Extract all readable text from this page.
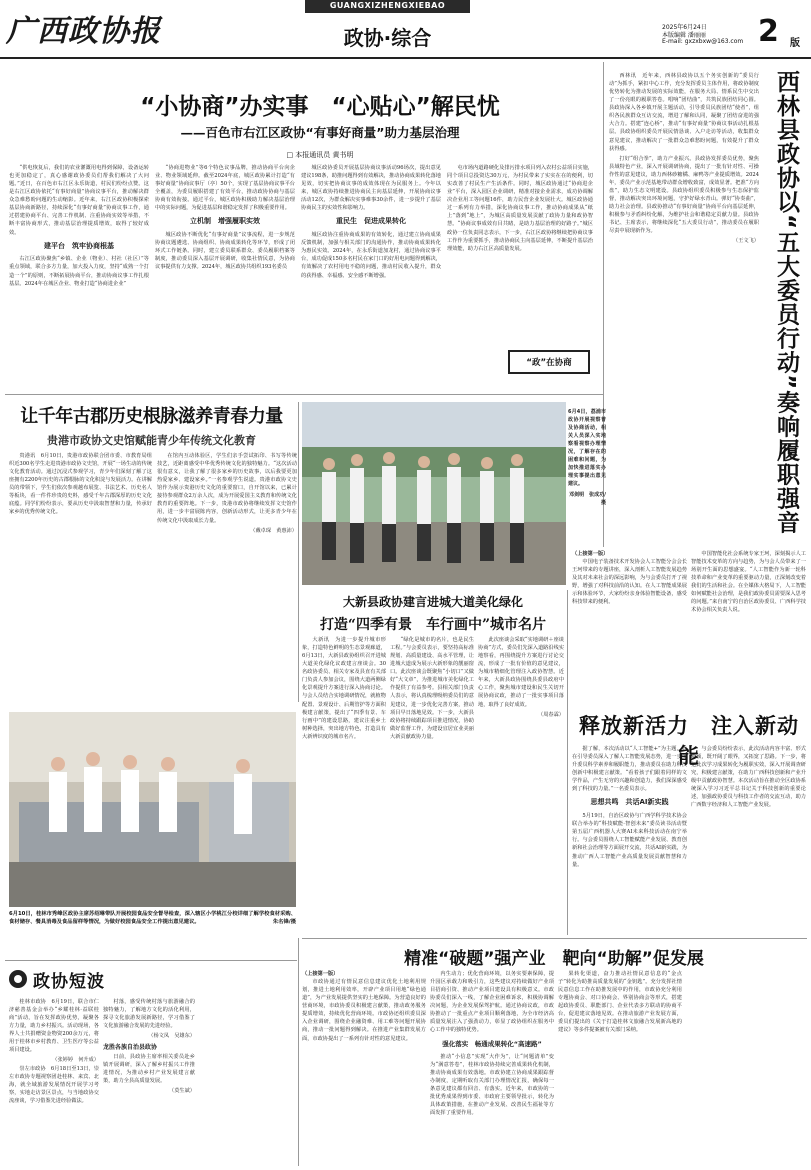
广西政协报
GUANGXIZHENGXIEBAO
政协·综合	2025年6月24日
本版编辑 潘丽丽
E-mail: gxzxbxw@163.com 2 版
“小协商”办实事　“心贴心”解民忧
——百色市右江区政协“有事好商量”助力基层治理
□ 本报通讯员 黄书明

“供电恢复后，我们的农业灌溉用电得到保障，设备运转也更加稳定了，真心感谢政协委员们帮我们解决了大问题。”近日，在百色市右江区永乐街道，村民们纷纷点赞。这是右江区政协依托“有事好商量”协商议事平台，推动解决群众急难愁盼问题的生动缩影。近年来，右江区政协积极探索基层协商新路径，持续深化“有事好商量”协商议事工作，通过搭建协商平台、完善工作机制、注重协商实效等举措，不断丰富协商形式，推动基层治理提质增效，取得了较好成效。

建平台　筑牢协商根基

右江区政协聚焦“乡镇、企业（物业）、村社（社区）”等重点领域，联合多方力量，加大投入力度，坚持“成熟一个打造一个”的原则，不断拓展协商平台，推动协商议事工作扎根基层。2024年在城区企业、物业打造“协商进企业”

“协商进物业”等6个特色议事品牌，推动协商平台向企业、物业领域延伸。截至2024年底，城区政协累计打造“有事好商量”协商议事厅（亭）50个，实现了基层协商议事平台全覆盖，为委员履职搭建了有效平台，推动政协协商与基层协商有效衔接。通过平台，城区政协积极助力解决基层治理中的实际问题，为促进基层和谐稳定发挥了积极重要作用。

立机制　增强履职实效

城区政协不断优化“有事好商量”议事流程，进一步规范协商议题遴选、协商组织、协商成果转化等环节，形成了闭环式工作链条。同时，建立委员联系群众、委员履职档案等制度，推动委员深入基层开展调研，收集社情民意，为协商议事提供有力支撑。2024年，城区政协共组织193名委员

城区政协委员开展基层协商议事活动96场次，提出意见建议198条，助推问题得到有效解决，推动协商成果转化落地见效，切实把协商议事的成效体现在为民服务上。今年以来，城区政协持续推进协商民主向基层延伸，开展协商议事活动12次，为群众解决实事难事30余件，进一步提升了基层协商民主的实效性和影响力。

重民生　促进成果转化

城区政协注重协商成果的有效转化，通过建立协商成果反馈机制，加强与相关部门的沟通协作，推动协商成果转化为惠民实效。2024年，在永乐街道加龙村，通过协商议事平台，成功促成150多名村民在家门口的好用电问题得到解决，有效解决了农村用电不稳的问题，推动村民收入提升，群众的获得感、幸福感、安全感不断增强。

屯市场内道路硬化及排污排水项目列入农村公益项目实施，同个项目总投资达30万元，为村民带来了实实在在的便利，切实改善了村民生产生活条件。同时，城区政协通过“协商进企业”平台，深入园区企业调研，精准对接企业需求，成功协调解决企业用工等问题16件，助力民营企业发展壮大。城区政协通过一系列有力举措，深化协商议事工作，推动协商成果从“纸上”落到“地上”，为城区高质量发展贡献了政协力量和政协智慧。“协商议事成效有目共睹，是助力基层治理的好路子。”城区政协一位负责同志表示，下一步，右江区政协将继续把协商议事工作作为重要抓手，推动协商民主向基层延伸，不断提升基层治理效能，助力右江区高质量发展。

“政”在协商

西林讯　近年来，西林县政协以五个务实创新的“委员行动”为抓手，紧扣中心工作，充分发挥委员主体作用，将政协制度优势转化为推动发展的实际效能，在服务大局、情系民生中交出了一份亮眼的履职答卷。唱响“团结曲”，共筑民族团结同心圆。县政协深入各乡镇开展主题活动，引导委员民族团结“使者”，组织各民族群众互访交流，增进了解和认同，凝聚了团结奋进的强大合力。搭建“连心桥”，推动“有事好商量”协商议事活动扎根基层。县政协组织委员开展民情恳谈、入户走访等活动，收集群众意见建议，推动解决了一批群众急难愁盼问题，有效提升了群众获得感。

打好“组合拳”，助力产业振兴。县政协发挥委员优势，聚焦县域特色产业，深入开展调研协商，提出了一批有针对性、可操作性的意见建议，助力西林砂糖橘、麻鸭等产业提质增效。2024年，委员产业示范基地带动群众增收致富，成效显著。把准“方向盘”，助力生态文明建设。县政协组织委员积极参与生态保护监督，推动解决突出环境问题，守护好绿水青山。弹好“协奏曲”，助力社会治理。县政协推动“有事好商量”协商平台向基层延伸，积极参与矛盾纠纷化解，为维护社会和谐稳定贡献力量。县政协书记、主席表示，将继续深化“五大委员行动”，推动委员在履职尽责中展现新作为。

（王文飞） 西林县政协以“五大委员行动”奏响履职强音
让千年古郡历史根脉滋养青春力量
贵港市政协文史馆赋能青少年传统文化教育

贵港讯　6月10日，贵港市政协联合团市委、市教育局组织近300名学生走进贵港市政协文史馆，开展“一场生动的传统文化教育活动。通过沉浸式参观学习，青少年们深刻了解了这座拥有2200年历史的古郡根脉的文化积淀与发展活力。在讲解员的带领下，学生们依次参观越布展览、书法艺术、历史名人等板块，看一件件珍贵的史料，感受千年古郡深厚的历史文化底蕴。同学们纷纷表示，要从历史中汲取智慧和力量，传承好家乡的优秀传统文化。

在馆内互动体验区，学生们亲手尝试拓印、书写等传统技艺，近距离感受中华优秀传统文化的独特魅力。“这次活动很有意义，让我了解了很多家乡的历史故事，以后我要更加热爱家乡、建设家乡。”一名参观学生说道。贵港市政协文史馆作为展示贵港历史文化的重要窗口，自开馆以来，已累计接待参观群众2万余人次，成为开展爱国主义教育和传统文化教育的重要阵地。下一步，贵港市政协将继续发挥文史馆作用，进一步丰富展陈内容，创新活动形式，让更多青少年在传统文化中汲取成长力量。

（戴卓琛　黄惠沛）
6月4日，荔浦市政协开展视察普及协商活动，相关人员深入实地察看视察办理情况，了解存在的困难和问题，为加快推进落实办理实事提出意见建议。
邓剑明　张成功/摄
6月10日，桂林市秀峰区政协主席苏绍琳带队开展校园食品安全督导检查，深入辖区小学桃江分校详细了解学校食材采购、食材储存、餐具消毒及食品留样等情况，为做好校园食品安全工作提出意见建议。	朱名锋/摄
大新县政协建言进城大道美化绿化
打造“四季有景　车行画中”城市名片

大新讯　为进一步提升城市形象，打造特色鲜明的生态景观廊道，6月13日，大新县政协组织召开进城大道美化绿化议政建言座谈会。30名政协委员、相关专家及县直有关部门负责人参加会议，围绕大道两侧绿化景观提升方案进行深入协商讨论。与会人员结合实地调研情况，就植物配置、景观设计、后期管护等方面积极建言献策，提出了“四季有景、车行画中”的建设思路，建议注重乡土树种选择，突出地方特色，打造具有大新辨识度的城市名片。

“绿化是城市的名片，也是民生工程。”与会委员表示，要坚持高标准规划、高质量建设、高水平管理，让进城大道成为展示大新形象的靓丽窗口。此次座谈会既聚焦“小切口”又做好“大文章”，为推进城市美化绿化工作提供了有益参考。县相关部门负责人表示，将认真梳理吸纳委员们的意见建议，进一步优化完善方案，推动项目早日落地见效。下一步，大新县政协将持续跟踪项目推进情况，协助做好监督工作，为建设宜居宜业美丽大新贡献政协力量。

此次座谈会采取“实地调研＋座谈协商”方式，委员们先深入道路沿线实地察看，再围绕提升方案进行讨论交流，形成了一批有价值的意见建议，为城市精细化管理注入政协智慧。近年来，大新县政协围绕县委县政府中心工作，聚焦城市建设和民生关切开展协商议政，推动了一批实事项目落地，取得了良好成效。

（周春霖）
（上接第一版）

中国电子装备技术开发协会人工智能分会会长王珂带来的专题讲座，深入剖析人工智能发展趋势及其对未来社会的深远影响，为与会委员打开了视野，增强了对科技前沿的认知。在人工智能成果展示和体验环节，大家纷纷亲身体验智能设备，感受科技带来的便利。

中国智能化社会系统专家王珂，深刻揭示人工智能技术变革的方向与趋势，为与会人员带来了一场别开生面的思想盛宴。“人工智能作为新一轮科技革命和产业变革的重要驱动力量，正深刻改变着我们的生活和社会。在全媒体大格局下，人工智能如何赋能社会治理，是我们政协委员需要深入思考的问题。”来自南宁的自治区政协委员、广西科学技术协会相关负责人说。

释放新活力　注入新动能

据了解，本次活动以“人工智能+”为主题，旨在引导委员深入了解人工智能发展态势，进一步提升委员科学素养和履职能力，推动委员在助力科技创新中积极建言献策。“看着孩子们跟着同样的文学作品，产生无穷的兴趣和创造力，我们深深感受到了科技的力量。”一名委员表示。

思想共鸣　共话AI新实践

5月19日，自治区政协与广西学科学技术协会联合举办的“科技赋能·智创未来”委员读书活动暨第五届广西机器人大赛AI未来科技活动在南宁举行。与会委员围绕人工智能赋能产业发展、教育创新和社会治理等方面展开交流，共话AI新实践，为推动广西人工智能产业高质量发展贡献智慧和力量。

与会委员纷纷表示，此次活动内容丰富、形式新颖，既开阔了眼界，又拓宽了思路。下一步，将把此次学习成果转化为履职实效，深入开展调查研究，积极建言献策，在助力广西科技创新和产业升级中贡献政协智慧。本次活动旨在推动全区政协系统深入学习习近平总书记关于科技创新的重要论述，加强政协委员与科技工作者的交流互动，助力广西数字经济和人工智能产业发展。

精准“破题”强产业　靶向“助解”促发展
（上接第一版）

市政协通过有情民意信息建议优化土地利用规划，推进土地利用效率，开辟产业项目用地“绿色通道”，为产业发展提供坚实的土地保障。为营造良好的营商环境，市政协委员积极建言献策，推动政务服务提质增效，持续优化营商环境。市政协还组织委员深入企业调研，围绕企业融资难、用工难等问题开展协商，推动一批问题得到解决。在推进产业集群发展方面，市政协提出了一系列有针对性的意见建议。

内生动力；优化营商环境，以务实要素保障，提升园区承载力和吸引力，这些建议对持续做好产业项目招商引资、推动产业项目建设具有积极意义。市政协委员们深入一线，了解企业困难诉求，积极协调解决问题，为企业发展保驾护航。通过协商议政，市政协推动了一批重点产业项目顺利落地，为全市经济高质量发展注入了强劲动力，彰显了政协组织在服务中心工作中的独特优势。

强化落实　畅通成果转化“高速路”

推动“小信息”实现“大作为”，让“问题清单”变为“满意答卷”，桂林市政协持续完善成果转化机制，推动协商成果有效落地。市政协建立协商成果跟踪督办制度，定期听取有关部门办理情况汇报，确保每一条意见建议都有回音、有落实。近年来，市政协的一批优秀成果得到市委、市政府主要领导批示，转化为具体政策措施，在推动产业发展、改善民生福祉等方面发挥了重要作用。

果转化渠道，奋力推动社情民意信息的“金点子”转化为助推高质量发展的“金钥匙”。充分发挥社情民意信息工作在助推发展中的作用，市政协充分利用专题协商会、对口协商会、界别协商会等形式，搭建起政协委员、职能部门、企业代表多方联动的协商平台，促进建议落地见效。在推动旅游产业发展方面，委员们提出的《关于打造桂林文旅融合发展新高地的建议》等多件提案被有关部门采纳。

政协短波

桂林市政协　6月19日，联合市仁济慈善基金会举办“乡耀桂林·益联桂商”活动，旨在发挥政协优势，凝聚各方力量，助力乡村振兴。活动现场，各界人士共捐赠资金物资200余万元，将用于桂林市乡村教育、卫生医疗等公益项目建设。

（张婷婷　何升成）

崇左市政协　6月18日至13日，崇左市政协专题视察团赴桂林、来宾、北海，就全域旅游发展情况开展学习考察，实地走访景区景点，与当地政协交流座谈，学习借鉴先进经验做法。

村落，感受传统村落与旅游融合的独特魅力，了解地方文化的活化利用，探寻文化旅游发展新路径，学习借鉴了文化旅游融合发展的先进经验。

（杨文凤　吴雄东）
龙胜各族自治县政协

日前，县政协主席率相关委员赴乡镇开展调研，深入了解乡村振兴工作推进情况，为推动乡村产业发展建言献策，助力全县高质量发展。

（莫生斌）
